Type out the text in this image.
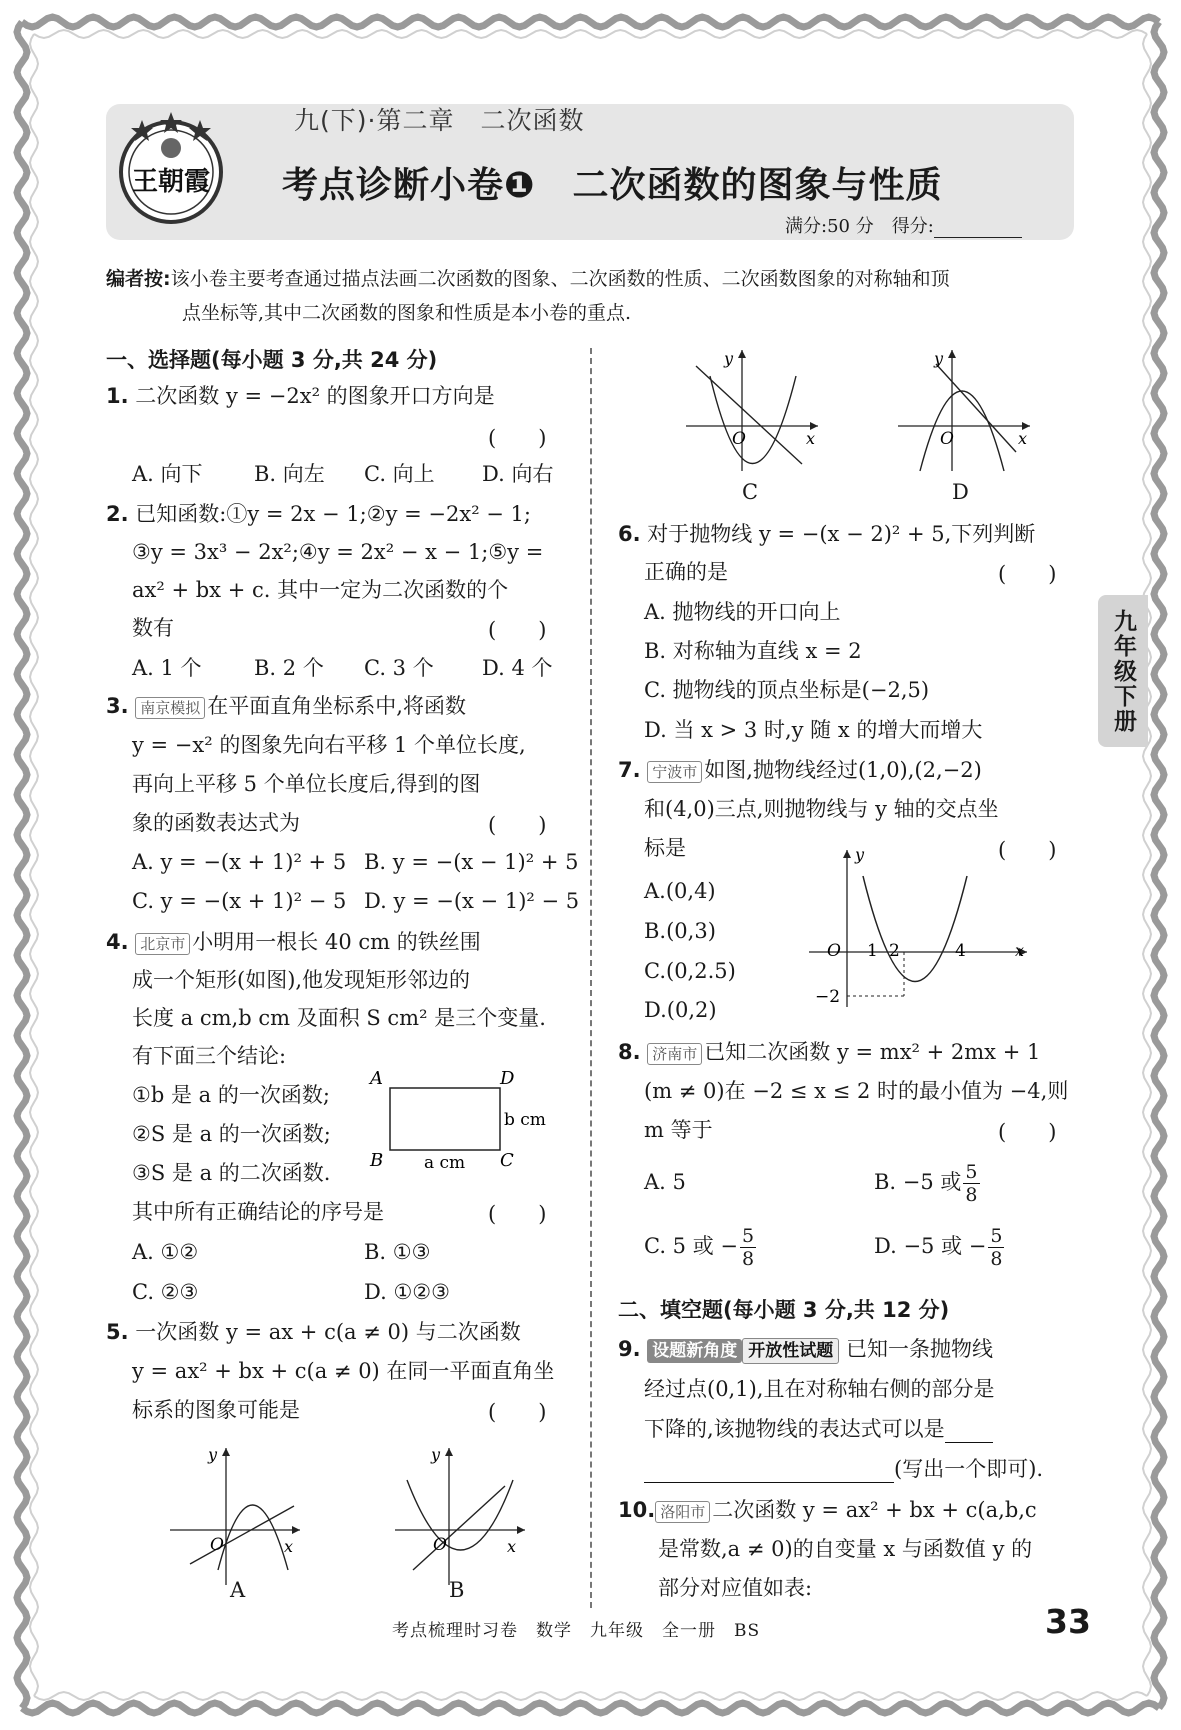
王朝霞
九(下)·第二章　二次函数
考点诊断小卷❶　二次函数的图象与性质
满分:50 分　得分:
编者按:该小卷主要考查通过描点法画二次函数的图象、二次函数的性质、二次函数图象的对称轴和顶
点坐标等,其中二次函数的图象和性质是本小卷的重点.
九年级下册
一、选择题(每小题 3 分,共 24 分)
1. 二次函数 y = −2x² 的图象开口方向是
(　　)
A. 向下 B. 向左 C. 向上 D. 向右
2. 已知函数:①y = 2x − 1;②y = −2x² − 1;
③y = 3x³ − 2x²;④y = 2x² − x − 1;⑤y =
ax² + bx + c. 其中一定为二次函数的个
数有	(　　)
A. 1 个 B. 2 个 C. 3 个 D. 4 个
3. 南京模拟 在平面直角坐标系中,将函数
y = −x² 的图象先向右平移 1 个单位长度,
再向上平移 5 个单位长度后,得到的图
象的函数表达式为	(　　)
A. y = −(x + 1)² + 5 B. y = −(x − 1)² + 5
C. y = −(x + 1)² − 5 D. y = −(x − 1)² − 5
4. 北京市 小明用一根长 40 cm 的铁丝围
成一个矩形(如图),他发现矩形邻边的
长度 a cm,b cm 及面积 S cm² 是三个变量.
有下面三个结论:
①b 是 a 的一次函数;
②S 是 a 的一次函数;
③S 是 a 的二次函数.
A	D
B	C
b cm
a cm
其中所有正确结论的序号是	(　　)
A. ①②	B. ①③
C. ②③	D. ①②③
5. 一次函数 y = ax + c(a ≠ 0) 与二次函数
y = ax² + bx + c(a ≠ 0) 在同一平面直角坐
标系的图象可能是	(　　)
O	x
y
A
O	x
y
B
O	x
y
C
O	x
y
D
6. 对于抛物线 y = −(x − 2)² + 5,下列判断
正确的是	(　　)
A. 抛物线的开口向上
B. 对称轴为直线 x = 2
C. 抛物线的顶点坐标是(−2,5)
D. 当 x > 3 时,y 随 x 的增大而增大
7. 宁波市 如图,抛物线经过(1,0),(2,−2)
和(4,0)三点,则抛物线与 y 轴的交点坐
标是	(　　)
A.(0,4)
B.(0,3)
C.(0,2.5)
D.(0,2)
O 1 2	4	x
−2
y
8. 济南市 已知二次函数 y = mx² + 2mx + 1
(m ≠ 0)在 −2 ≤ x ≤ 2 时的最小值为 −4,则
m 等于	(　　)
A. 5	B. −5 或 $\frac{5}{8}$
C. 5 或 − $\frac{5}{8}$	D. −5 或 − $\frac{5}{8}$
二、填空题(每小题 3 分,共 12 分)
9. 设题新角度 开放性试题 已知一条抛物线
经过点(0,1),且在对称轴右侧的部分是
下降的,该抛物线的表达式可以是
(写出一个即可).
10. 洛阳市 二次函数 y = ax² + bx + c(a,b,c
是常数,a ≠ 0)的自变量 x 与函数值 y 的
部分对应值如表:
考点梳理时习卷　数学　九年级　全一册　BS	33
